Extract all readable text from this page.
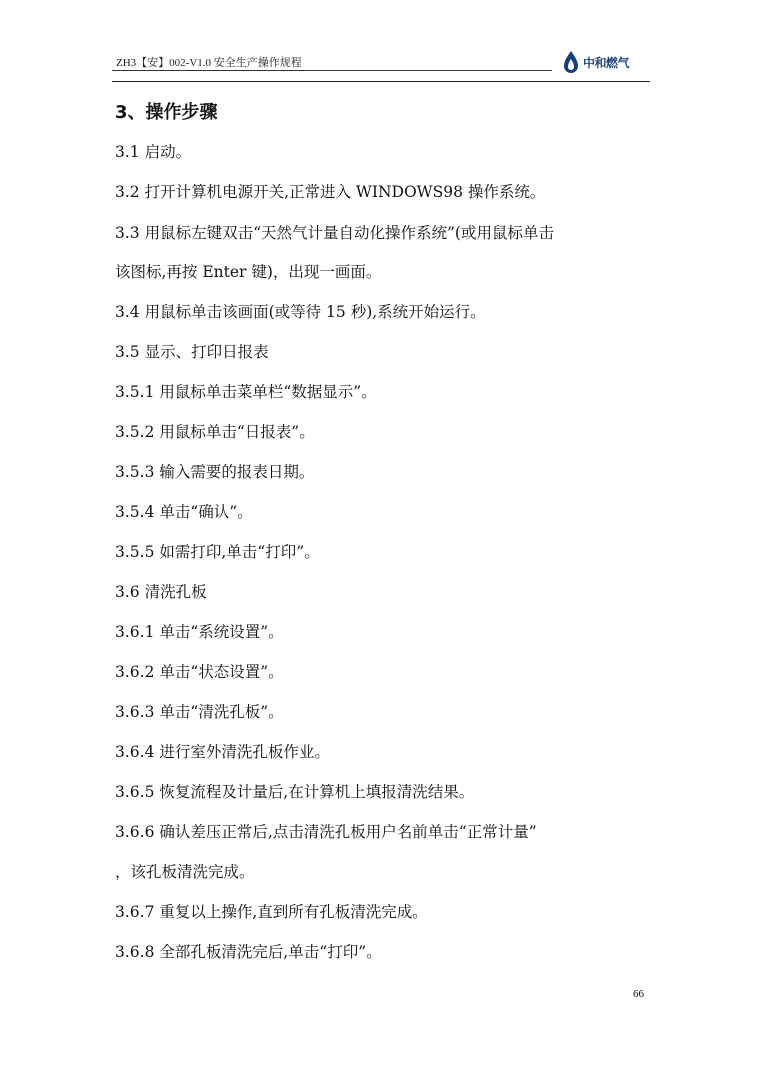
ZH3【安】002-V1.0 安全生产操作规程	中和燃气
3、操作步骤
3.1 启动。
3.2 打开计算机电源开关,正常进入 WINDOWS98 操作系统。
3.3 用鼠标左键双击“天然气计量自动化操作系统”(或用鼠标单击
该图标,再按 Enter 键)，出现一画面。
3.4 用鼠标单击该画面(或等待 15 秒),系统开始运行。
3.5 显示、打印日报表
3.5.1 用鼠标单击菜单栏“数据显示”。
3.5.2 用鼠标单击“日报表”。
3.5.3 输入需要的报表日期。
3.5.4 单击“确认”。
3.5.5 如需打印,单击“打印”。
3.6 清洗孔板
3.6.1 单击“系统设置”。
3.6.2 单击“状态设置”。
3.6.3 单击“清洗孔板”。
3.6.4 进行室外清洗孔板作业。
3.6.5 恢复流程及计量后,在计算机上填报清洗结果。
3.6.6 确认差压正常后,点击清洗孔板用户名前单击“正常计量”
，该孔板清洗完成。
3.6.7 重复以上操作,直到所有孔板清洗完成。
3.6.8 全部孔板清洗完后,单击“打印”。
66
